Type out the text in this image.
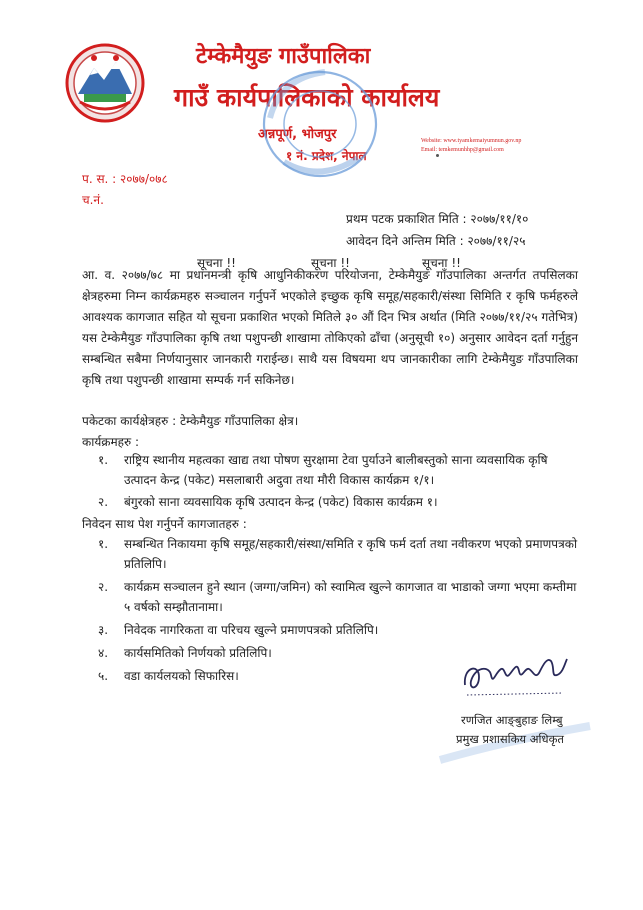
टेम्केमैयुङ गाउँपालिका
गाउँ कार्यपालिकाको कार्यालय
अन्नपूर्ण, भोजपुर
१ नं. प्रदेश, नेपाल
Website: www.tyamkemaiyumnun.gov.np
Email: temkemunhhp@gmail.com
प. स. : २०७७/०७८
च.नं.
प्रथम पटक प्रकाशित मिति : २०७७/११/१०
आवेदन दिने अन्तिम मिति : २०७७/११/२५
सूचना !!	सूचना !!	सूचना !!
आ. व. २०७७/७८ मा प्रधानमन्त्री कृषि आधुनिकीकरण परियोजना, टेम्केमैयुङ गाँउपालिका अन्तर्गत तपसिलका क्षेत्रहरुमा निम्न कार्यक्रमहरु सञ्चालन गर्नुपर्ने भएकोले इच्छुक कृषि समूह/सहकारी/संस्था सिमिति र कृषि फर्महरुले आवश्यक कागजात सहित यो सूचना प्रकाशित भएको मितिले ३० औं दिन भित्र अर्थात (मिति २०७७/११/२५ गतेभित्र) यस टेम्केमैयुङ गाँउपालिका कृषि तथा पशुपन्छी शाखामा तोकिएको ढाँचा (अनुसूची १०) अनुसार आवेदन दर्ता गर्नुहुन सम्बन्धित सबैमा निर्णयानुसार जानकारी गराईन्छ। साथै यस विषयमा थप जानकारीका लागि टेम्केमैयुङ गाँउपालिका कृषि तथा पशुपन्छी शाखामा सम्पर्क गर्न सकिनेछ।
पकेटका कार्यक्षेत्रहरु : टेम्केमैयुङ गाँउपालिका क्षेत्र।
कार्यक्रमहरु :
१.	राष्ट्रिय स्थानीय महत्वका खाद्य तथा पोषण सुरक्षामा टेवा पुर्याउने बालीबस्तुको साना व्यवसायिक कृषि उत्पादन केन्द्र (पकेट) मसलाबारी अदुवा तथा मौरी विकास कार्यक्रम १/१।
२.	बंगुरको साना व्यवसायिक कृषि उत्पादन केन्द्र (पकेट) विकास कार्यक्रम १।
निवेदन साथ पेश गर्नुपर्ने कागजातहरु :
१.	सम्बन्धित निकायमा कृषि समूह/सहकारी/संस्था/समिति र कृषि फर्म दर्ता तथा नवीकरण भएको प्रमाणपत्रको प्रतिलिपि।
२.	कार्यक्रम सञ्चालन हुने स्थान (जग्गा/जमिन) को स्वामित्व खुल्ने कागजात वा भाडाको जग्गा भएमा कम्तीमा ५ वर्षको सम्झौतानामा।
३.	निवेदक नागरिकता वा परिचय खुल्ने प्रमाणपत्रको प्रतिलिपि।
४.	कार्यसमितिको निर्णयको प्रतिलिपि।
५.	वडा कार्यलयको सिफारिस।
रणजित आङ्बुहाङ लिम्बु
प्रमुख प्रशासकिय अधिकृत
